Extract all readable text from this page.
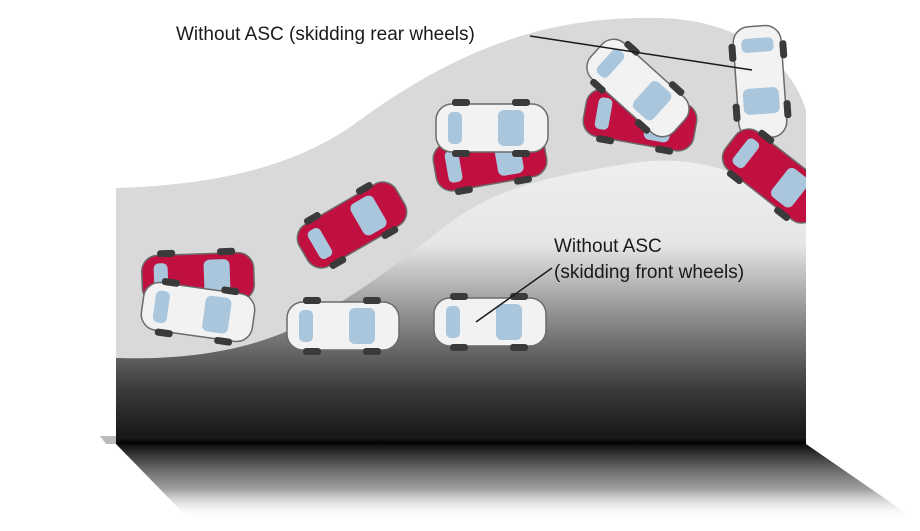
Without ASC (skidding rear wheels)
Without ASC
(skidding front wheels)
